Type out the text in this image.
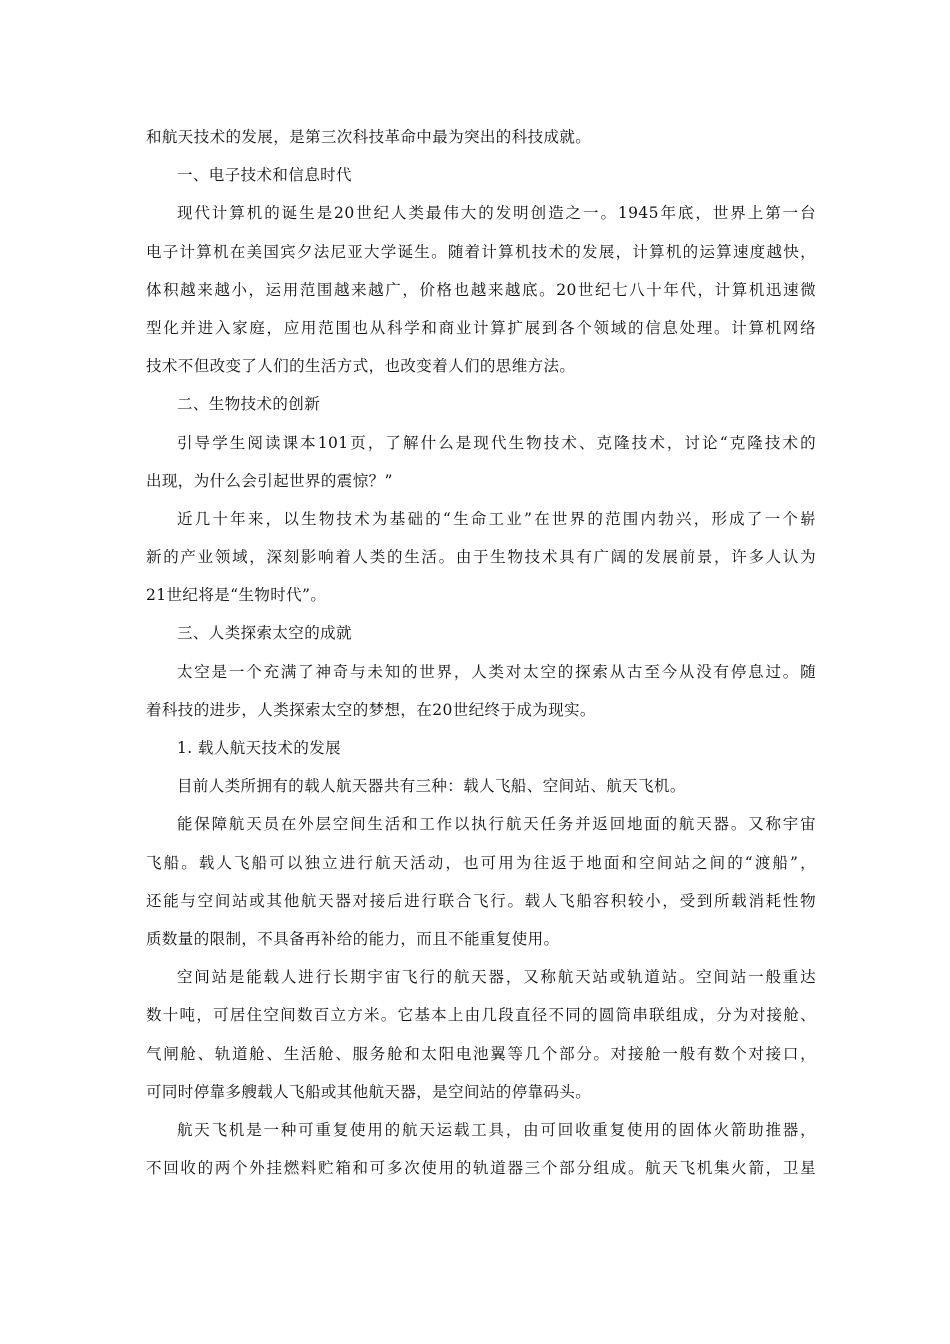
和航天技术的发展，是第三次科技革命中最为突出的科技成就。
一、电子技术和信息时代
现代计算机的诞生是20世纪人类最伟大的发明创造之一。1945年底，世界上第一台
电子计算机在美国宾夕法尼亚大学诞生。随着计算机技术的发展，计算机的运算速度越快，
体积越来越小，运用范围越来越广，价格也越来越底。20世纪七八十年代，计算机迅速微
型化并进入家庭，应用范围也从科学和商业计算扩展到各个领域的信息处理。计算机网络
技术不但改变了人们的生活方式，也改变着人们的思维方法。
二、生物技术的创新
引导学生阅读课本101页，了解什么是现代生物技术、克隆技术，讨论“克隆技术的
出现，为什么会引起世界的震惊？”
近几十年来，以生物技术为基础的“生命工业”在世界的范围内勃兴，形成了一个崭
新的产业领域，深刻影响着人类的生活。由于生物技术具有广阔的发展前景，许多人认为
21世纪将是“生物时代”。
三、人类探索太空的成就
太空是一个充满了神奇与未知的世界，人类对太空的探索从古至今从没有停息过。随
着科技的进步，人类探索太空的梦想，在20世纪终于成为现实。
1. 载人航天技术的发展
目前人类所拥有的载人航天器共有三种：载人飞船、空间站、航天飞机。
能保障航天员在外层空间生活和工作以执行航天任务并返回地面的航天器。又称宇宙
飞船。载人飞船可以独立进行航天活动，也可用为往返于地面和空间站之间的“渡船”，
还能与空间站或其他航天器对接后进行联合飞行。载人飞船容积较小，受到所载消耗性物
质数量的限制，不具备再补给的能力，而且不能重复使用。
空间站是能载人进行长期宇宙飞行的航天器，又称航天站或轨道站。空间站一般重达
数十吨，可居住空间数百立方米。它基本上由几段直径不同的圆筒串联组成，分为对接舱、
气闸舱、轨道舱、生活舱、服务舱和太阳电池翼等几个部分。对接舱一般有数个对接口，
可同时停靠多艘载人飞船或其他航天器，是空间站的停靠码头。
航天飞机是一种可重复使用的航天运载工具，由可回收重复使用的固体火箭助推器，
不回收的两个外挂燃料贮箱和可多次使用的轨道器三个部分组成。航天飞机集火箭，卫星
